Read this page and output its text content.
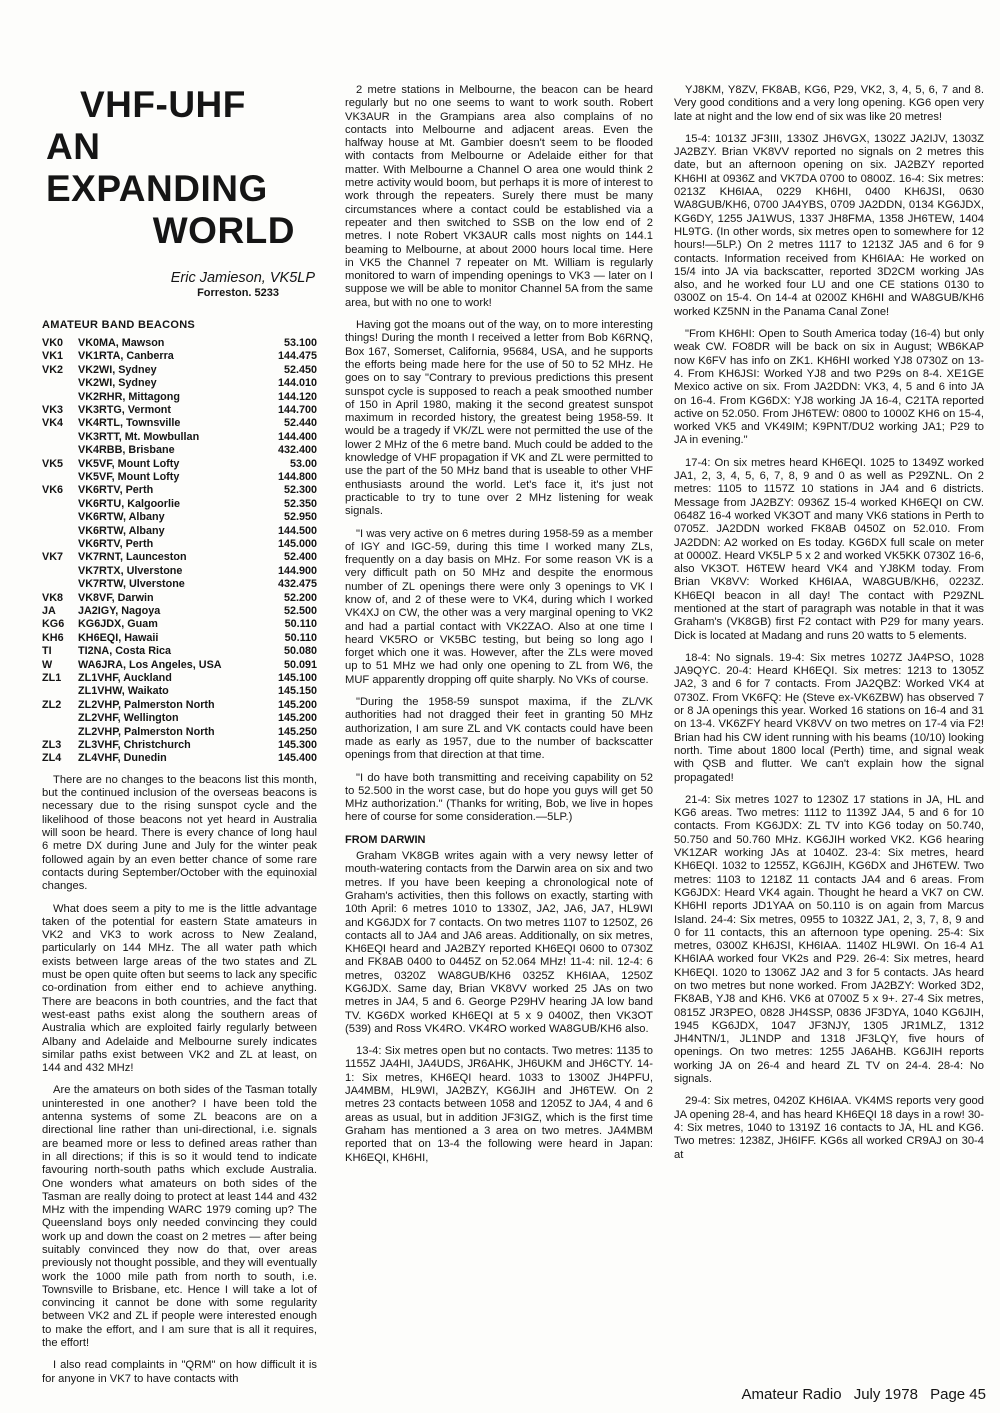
VHF-UHF
AN EXPANDING
WORLD
Eric Jamieson, VK5LP
Forreston. 5233
AMATEUR BAND BEACONS
VK0	VK0MA, Mawson	53.100
VK1	VK1RTA, Canberra	144.475
VK2	VK2WI, Sydney	52.450
	VK2WI, Sydney	144.010
	VK2RHR, Mittagong	144.120
VK3	VK3RTG, Vermont	144.700
VK4	VK4RTL, Townsville	52.440
	VK3RTT, Mt. Mowbullan	144.400
	VK4RBB, Brisbane	432.400
VK5	VK5VF, Mount Lofty	53.00
	VK5VF, Mount Lofty	144.800
VK6	VK6RTV, Perth	52.300
	VK6RTU, Kalgoorlie	52.350
	VK6RTW, Albany	52.950
	VK6RTW, Albany	144.500
	VK6RTV, Perth	145.000
VK7	VK7RNT, Launceston	52.400
	VK7RTX, Ulverstone	144.900
	VK7RTW, Ulverstone	432.475
VK8	VK8VF, Darwin	52.200
JA	JA2IGY, Nagoya	52.500
KG6	KG6JDX, Guam	50.110
KH6	KH6EQI, Hawaii	50.110
TI	TI2NA, Costa Rica	50.080
W	WA6JRA, Los Angeles, USA	50.091
ZL1	ZL1VHF, Auckland	145.100
	ZL1VHW, Waikato	145.150
ZL2	ZL2VHP, Palmerston North	145.200
	ZL2VHF, Wellington	145.200
	ZL2VHP, Palmerston North	145.250
ZL3	ZL3VHF, Christchurch	145.300
ZL4	ZL4VHF, Dunedin	145.400

There are no changes to the beacons list this month, but the continued inclusion of the overseas beacons is necessary due to the rising sunspot cycle and the likelihood of those beacons not yet heard in Australia will soon be heard. There is every chance of long haul 6 metre DX during June and July for the winter peak followed again by an even better chance of some rare contacts during September/October with the equinoxial changes.

What does seem a pity to me is the little advantage taken of the potential for eastern State amateurs in VK2 and VK3 to work across to New Zealand, particularly on 144 MHz. The all water path which exists between large areas of the two states and ZL must be open quite often but seems to lack any specific co-ordination from either end to achieve anything. There are beacons in both countries, and the fact that west-east paths exist along the southern areas of Australia which are exploited fairly regularly between Albany and Adelaide and Melbourne surely indicates similar paths exist between VK2 and ZL at least, on 144 and 432 MHz!

Are the amateurs on both sides of the Tasman totally uninterested in one another? I have been told the antenna systems of some ZL beacons are on a directional line rather than uni-directional, i.e. signals are beamed more or less to defined areas rather than in all directions; if this is so it would tend to indicate favouring north-south paths which exclude Australia. One wonders what amateurs on both sides of the Tasman are really doing to protect at least 144 and 432 MHz with the impending WARC 1979 coming up? The Queensland boys only needed convincing they could work up and down the coast on 2 metres — after being suitably convinced they now do that, over areas previously not thought possible, and they will eventually work the 1000 mile path from north to south, i.e. Townsville to Brisbane, etc. Hence I will take a lot of convincing it cannot be done with some regularity between VK2 and ZL if people were interested enough to make the effort, and I am sure that is all it requires, the effort!

I also read complaints in "QRM" on how difficult it is for anyone in VK7 to have contacts with

2 metre stations in Melbourne, the beacon can be heard regularly but no one seems to want to work south. Robert VK3AUR in the Grampians area also complains of no contacts into Melbourne and adjacent areas. Even the halfway house at Mt. Gambier doesn't seem to be flooded with contacts from Melbourne or Adelaide either for that matter. With Melbourne a Channel O area one would think 2 metre activity would boom, but perhaps it is more of interest to work through the repeaters. Surely there must be many circumstances where a contact could be established via a repeater and then switched to SSB on the low end of 2 metres. I note Robert VK3AUR calls most nights on 144.1 beaming to Melbourne, at about 2000 hours local time. Here in VK5 the Channel 7 repeater on Mt. William is regularly monitored to warn of impending openings to VK3 — later on I suppose we will be able to monitor Channel 5A from the same area, but with no one to work!

Having got the moans out of the way, on to more interesting things! During the month I received a letter from Bob K6RNQ, Box 167, Somerset, California, 95684, USA, and he supports the efforts being made here for the use of 50 to 52 MHz. He goes on to say "Contrary to previous predictions this present sunspot cycle is supposed to reach a peak smoothed number of 150 in April 1980, making it the second greatest sunspot maximum in recorded history, the greatest being 1958-59. It would be a tragedy if VK/ZL were not permitted the use of the lower 2 MHz of the 6 metre band. Much could be added to the knowledge of VHF propagation if VK and ZL were permitted to use the part of the 50 MHz band that is useable to other VHF enthusiasts around the world. Let's face it, it's just not practicable to try to tune over 2 MHz listening for weak signals.

"I was very active on 6 metres during 1958-59 as a member of IGY and IGC-59, during this time I worked many ZLs, frequently on a day basis on MHz. For some reason VK is a very difficult path on 50 MHz and despite the enormous number of ZL openings there were only 3 openings to VK I know of, and 2 of these were to VK4, during which I worked VK4XJ on CW, the other was a very marginal opening to VK2 and had a partial contact with VK2ZAO. Also at one time I heard VK5RO or VK5BC testing, but being so long ago I forget which one it was. However, after the ZLs were moved up to 51 MHz we had only one opening to ZL from W6, the MUF apparently dropping off quite sharply. No VKs of course.

"During the 1958-59 sunspot maxima, if the ZL/VK authorities had not dragged their feet in granting 50 MHz authorization, I am sure ZL and VK contacts could have been made as early as 1957, due to the number of backscatter openings from that direction at that time.

"I do have both transmitting and receiving capability on 52 to 52.500 in the worst case, but do hope you guys will get 50 MHz authorization." (Thanks for writing, Bob, we live in hopes here of course for some consideration.—5LP.)

FROM DARWIN

Graham VK8GB writes again with a very newsy letter of mouth-watering contacts from the Darwin area on six and two metres. If you have been keeping a chronological note of Graham's activities, then this follows on exactly, starting with 10th April: 6 metres 1010 to 1330Z, JA2, JA6, JA7, HL9WI and KG6JDX for 7 contacts. On two metres 1107 to 1250Z, 26 contacts all to JA4 and JA6 areas. Additionally, on six metres, KH6EQI heard and JA2BZY reported KH6EQI 0600 to 0730Z and FK8AB 0400 to 0445Z on 52.064 MHz! 11-4: nil. 12-4: 6 metres, 0320Z WA8GUB/KH6 0325Z KH6IAA, 1250Z KG6JDX. Same day, Brian VK8VV worked 25 JAs on two metres in JA4, 5 and 6. George P29HV hearing JA low band TV. KG6DX worked KH6EQI at 5 x 9 0400Z, then VK3OT (539) and Ross VK4RO. VK4RO worked WA8GUB/KH6 also.

13-4: Six metres open but no contacts. Two metres: 1135 to 1155Z JA4HI, JA4UDS, JR6AHK, JH6UKM and JH6CTY. 14-1: Six metres, KH6EQI heard. 1033 to 1300Z JH4PFU, JA4MBM, HL9WI, JA2BZY, KG6JIH and JH6TEW. On 2 metres 23 contacts between 1058 and 1205Z to JA4, 4 and 6 areas as usual, but in addition JF3IGZ, which is the first time Graham has mentioned a 3 area on two metres. JA4MBM reported that on 13-4 the following were heard in Japan: KH6EQI, KH6HI,

YJ8KM, Y8ZV, FK8AB, KG6, P29, VK2, 3, 4, 5, 6, 7 and 8. Very good conditions and a very long opening. KG6 open very late at night and the low end of six was like 20 metres!

15-4: 1013Z JF3III, 1330Z JH6VGX, 1302Z JA2IJV, 1303Z JA2BZY. Brian VK8VV reported no signals on 2 metres this date, but an afternoon opening on six. JA2BZY reported KH6HI at 0936Z and VK7DA 0700 to 0800Z. 16-4: Six metres: 0213Z KH6IAA, 0229 KH6HI, 0400 KH6JSI, 0630 WA8GUB/KH6, 0700 JA4YBS, 0709 JA2DDN, 0134 KG6JDX, KG6DY, 1255 JA1WUS, 1337 JH8FMA, 1358 JH6TEW, 1404 HL9TG. (In other words, six metres open to somewhere for 12 hours!—5LP.) On 2 metres 1117 to 1213Z JA5 and 6 for 9 contacts. Information received from KH6IAA: He worked on 15/4 into JA via backscatter, reported 3D2CM working JAs also, and he worked four LU and one CE stations 0130 to 0300Z on 15-4. On 14-4 at 0200Z KH6HI and WA8GUB/KH6 worked KZ5NN in the Panama Canal Zone!

"From KH6HI: Open to South America today (16-4) but only weak CW. FO8DR will be back on six in August; WB6KAP now K6FV has info on ZK1. KH6HI worked YJ8 0730Z on 13-4. From KH6JSI: Worked YJ8 and two P29s on 8-4. XE1GE Mexico active on six. From JA2DDN: VK3, 4, 5 and 6 into JA on 16-4. From KG6DX: YJ8 working JA 16-4, C21TA reported active on 52.050. From JH6TEW: 0800 to 1000Z KH6 on 15-4, worked VK5 and VK49IM; K9PNT/DU2 working JA1; P29 to JA in evening."

17-4: On six metres heard KH6EQI. 1025 to 1349Z worked JA1, 2, 3, 4, 5, 6, 7, 8, 9 and 0 as well as P29ZNL. On 2 metres: 1105 to 1157Z 10 stations in JA4 and 6 districts. Message from JA2BZY: 0936Z 15-4 worked KH6EQI on CW. 0648Z 16-4 worked VK3OT and many VK6 stations in Perth to 0705Z. JA2DDN worked FK8AB 0450Z on 52.010. From JA2DDN: A2 worked on Es today. KG6DX full scale on meter at 0000Z. Heard VK5LP 5 x 2 and worked VK5KK 0730Z 16-6, also VK3OT. H6TEW heard VK4 and YJ8KM today. From Brian VK8VV: Worked KH6IAA, WA8GUB/KH6, 0223Z. KH6EQI beacon in all day! The contact with P29ZNL mentioned at the start of paragraph was notable in that it was Graham's (VK8GB) first F2 contact with P29 for many years. Dick is located at Madang and runs 20 watts to 5 elements.

18-4: No signals. 19-4: Six metres 1027Z JA4PSO, 1028 JA9QYC. 20-4: Heard KH6EQI. Six metres: 1213 to 1305Z JA2, 3 and 6 for 7 contacts. From JA2QBZ: Worked VK4 at 0730Z. From VK6FQ: He (Steve ex-VK6ZBW) has observed 7 or 8 JA openings this year. Worked 16 stations on 16-4 and 31 on 13-4. VK6ZFY heard VK8VV on two metres on 17-4 via F2! Brian had his CW ident running with his beams (10/10) looking north. Time about 1800 local (Perth) time, and signal weak with QSB and flutter. We can't explain how the signal propagated!

21-4: Six metres 1027 to 1230Z 17 stations in JA, HL and KG6 areas. Two metres: 1112 to 1139Z JA4, 5 and 6 for 10 contacts. From KG6JDX: ZL TV into KG6 today on 50.740, 50.750 and 50.760 MHz. KG6JIH worked VK2. KG6 hearing VK1ZAR working JAs at 1040Z. 23-4: Six metres, heard KH6EQI. 1032 to 1255Z, KG6JIH, KG6DX and JH6TEW. Two metres: 1103 to 1218Z 11 contacts JA4 and 6 areas. From KG6JDX: Heard VK4 again. Thought he heard a VK7 on CW. KH6HI reports JD1YAA on 50.110 is on again from Marcus Island. 24-4: Six metres, 0955 to 1032Z JA1, 2, 3, 7, 8, 9 and 0 for 11 contacts, this an afternoon type opening. 25-4: Six metres, 0300Z KH6JSI, KH6IAA. 1140Z HL9WI. On 16-4 A1 KH6IAA worked four VK2s and P29. 26-4: Six metres, heard KH6EQI. 1020 to 1306Z JA2 and 3 for 5 contacts. JAs heard on two metres but none worked. From JA2BZY: Worked 3D2, FK8AB, YJ8 and KH6. VK6 at 0700Z 5 x 9+. 27-4 Six metres, 0815Z JR3PEO, 0828 JH4SSP, 0836 JF3DYA, 1040 KG6JIH, 1945 KG6JDX, 1047 JF3NJY, 1305 JR1MLZ, 1312 JH4NTN/1, JL1NDP and 1318 JF3LQY, five hours of openings. On two metres: 1255 JA6AHB. KG6JIH reports working JA on 26-4 and heard ZL TV on 24-4. 28-4: No signals.

29-4: Six metres, 0420Z KH6IAA. VK4MS reports very good JA opening 28-4, and has heard KH6EQI 18 days in a row! 30-4: Six metres, 1040 to 1319Z 16 contacts to JA, HL and KG6. Two metres: 1238Z, JH6IFF. KG6s all worked CR9AJ on 30-4 at

Amateur Radio July 1978 Page 45
